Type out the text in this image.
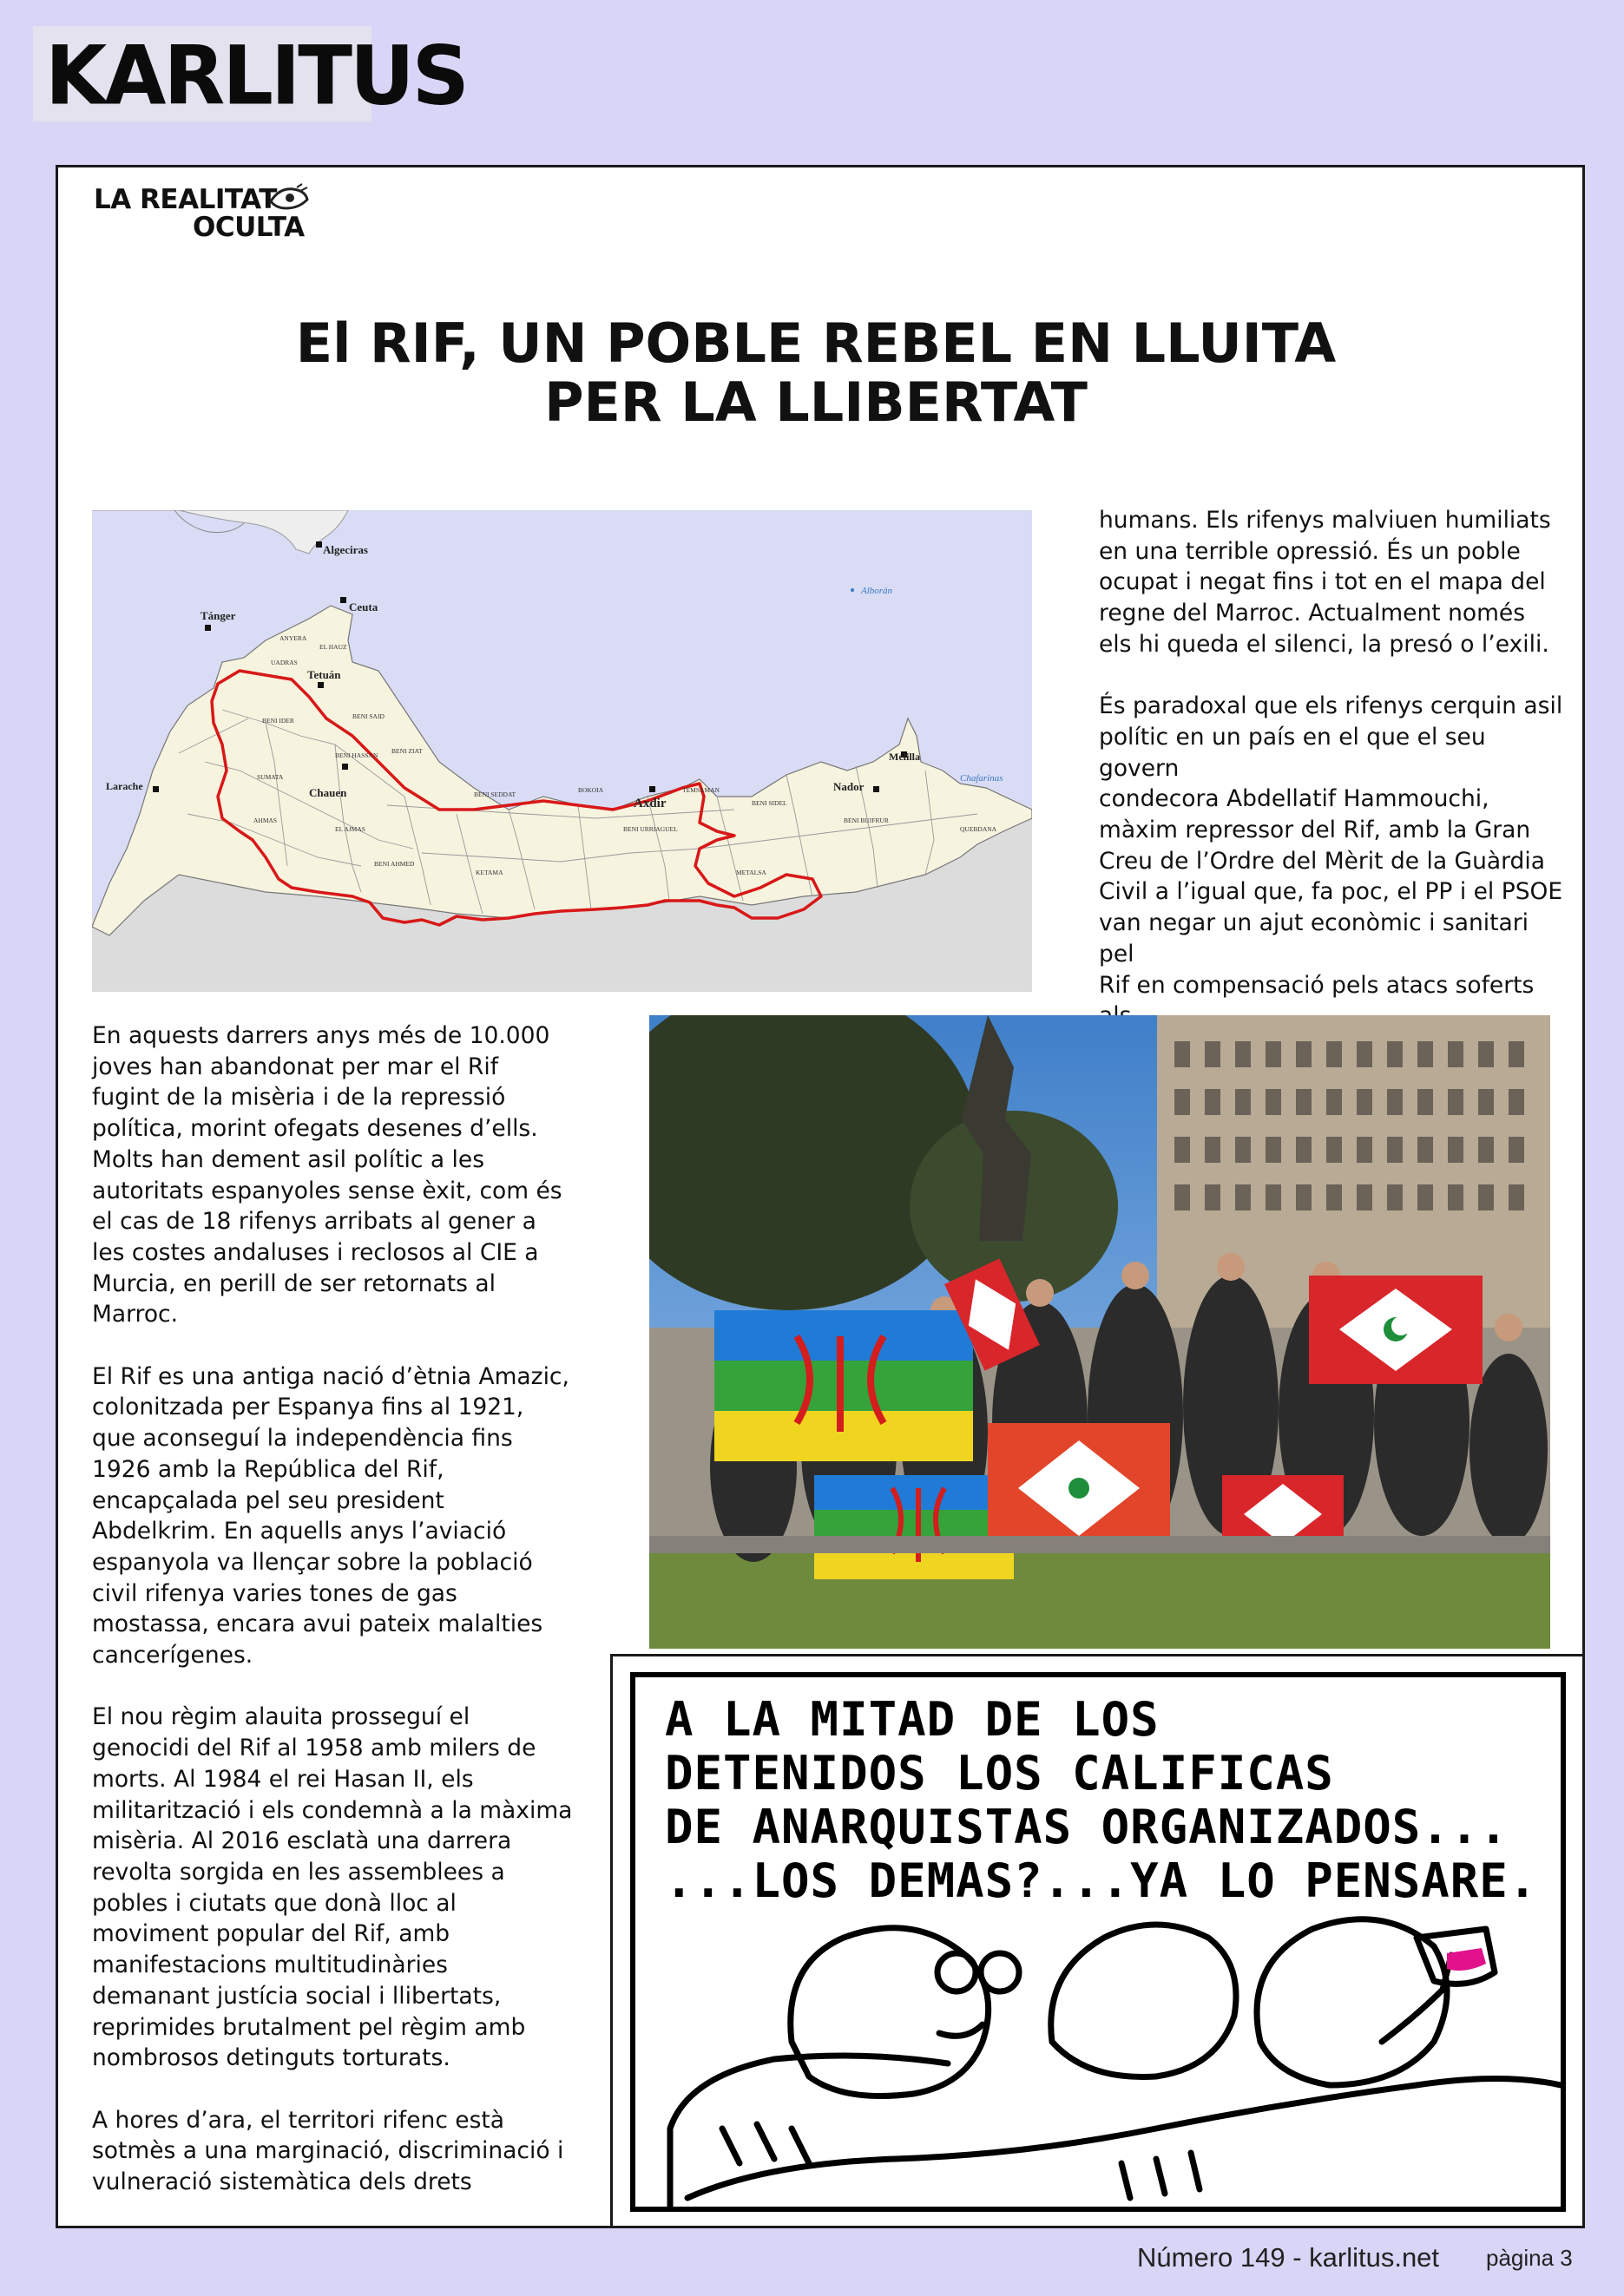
KARLITUS
LA REALITAT
OCULTA
El RIF, UN POBLE REBEL EN LLUITA
PER LA LLIBERTAT
Algeciras
Tánger
Ceuta
Tetuán
Larache	Chauen
Axdir
Nador
Melilla
Alborán
Chafarinas
ANYERA
EL HAUZ
UADRAS
BENI SAID
BENI IDER
BENI HASSAN
BENI ZIAT
AHMAS
BENI SEDDAT
KETAMA
BENI URRIAGUEL
TEMSAMAN
BENI SIDEL
QUEBDANA
METALSA
BENI BUIFRUR
BOKOIA
SUMATA
BENI AHMED
EL AJMAS
humans. Els rifenys malviuen humiliats
en una terrible opressió. És un poble
ocupat i negat fins i tot en el mapa del
regne del Marroc. Actualment només
els hi queda el silenci, la presó o l’exili.

És paradoxal que els rifenys cerquin asil
polític en un país en el que el seu govern
condecora Abdellatif Hammouchi,
màxim repressor del Rif, amb la Gran
Creu de l’Ordre del Mèrit de la Guàrdia
Civil a l’igual que, fa poc, el PP i el PSOE
van negar un ajut econòmic i sanitari pel
Rif en compensació pels atacs soferts

En aquests darrers anys més de 10.000
joves han abandonat per mar el Rif
fugint de la misèria i de la repressió
política, morint ofegats desenes d’ells.
Molts han dement asil polític a les
autoritats espanyoles sense èxit, com és
el cas de 18 rifenys arribats al gener a
les costes andaluses i reclosos al CIE a
Murcia, en perill de ser retornats al
Marroc.

El Rif es una antiga nació d’ètnia Amazic,
colonitzada per Espanya fins al 1921,
que aconseguí la independència fins
1926 amb la República del Rif,
encapçalada pel seu president
Abdelkrim. En aquells anys l’aviació
espanyola va llençar sobre la població
civil rifenya varies tones de gas
mostassa, encara avui pateix malalties
cancerígenes.

El nou règim alauita prosseguí el
genocidi del Rif al 1958 amb milers de
morts. Al 1984 el rei Hasan II, els
militarització i els condemnà a la màxima
misèria. Al 2016 esclatà una darrera
revolta sorgida en les assemblees a
pobles i ciutats que donà lloc al
moviment popular del Rif, amb
manifestacions multitudinàries
demanant justícia social i llibertats,
reprimides brutalment pel règim amb
nombrosos detinguts torturats.

A hores d’ara, el territori rifenc està
sotmès a una marginació, discriminació i
vulneració sistemàtica dels drets
A LA MITAD DE LOS
DETENIDOS LOS CALIFICAS
DE ANARQUISTAS ORGANIZADOS...
...LOS DEMAS?...YA LO PENSARE.
Número 149 - karlitus.net pàgina 3
